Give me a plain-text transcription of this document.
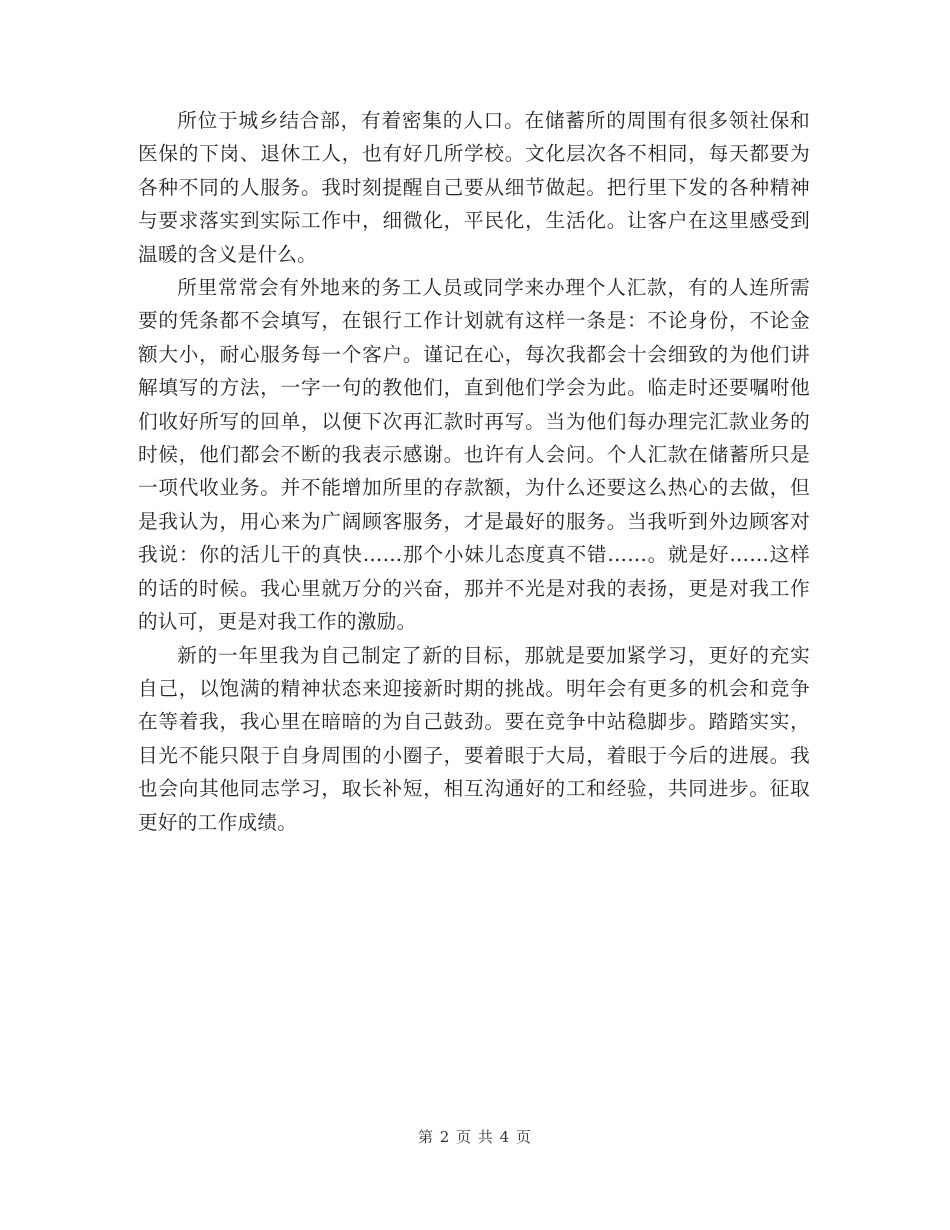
所位于城乡结合部，有着密集的人口。在储蓄所的周围有很多领社保和医保的下岗、退休工人，也有好几所学校。文化层次各不相同，每天都要为各种不同的人服务。我时刻提醒自己要从细节做起。把行里下发的各种精神与要求落实到实际工作中，细微化，平民化，生活化。让客户在这里感受到温暖的含义是什么。

所里常常会有外地来的务工人员或同学来办理个人汇款，有的人连所需要的凭条都不会填写，在银行工作计划就有这样一条是：不论身份，不论金额大小，耐心服务每一个客户。谨记在心，每次我都会十会细致的为他们讲解填写的方法，一字一句的教他们，直到他们学会为此。临走时还要嘱咐他们收好所写的回单，以便下次再汇款时再写。当为他们每办理完汇款业务的时候，他们都会不断的我表示感谢。也许有人会问。个人汇款在储蓄所只是一项代收业务。并不能增加所里的存款额，为什么还要这么热心的去做，但是我认为，用心来为广阔顾客服务，才是最好的服务。当我听到外边顾客对我说：你的活儿干的真快……那个小妹儿态度真不错……。就是好……这样的话的时候。我心里就万分的兴奋，那并不光是对我的表扬，更是对我工作的认可，更是对我工作的激励。

新的一年里我为自己制定了新的目标，那就是要加紧学习，更好的充实自己，以饱满的精神状态来迎接新时期的挑战。明年会有更多的机会和竞争在等着我，我心里在暗暗的为自己鼓劲。要在竞争中站稳脚步。踏踏实实，目光不能只限于自身周围的小圈子，要着眼于大局，着眼于今后的进展。我也会向其他同志学习，取长补短，相互沟通好的工和经验，共同进步。征取更好的工作成绩。

第 2 页 共 4 页
